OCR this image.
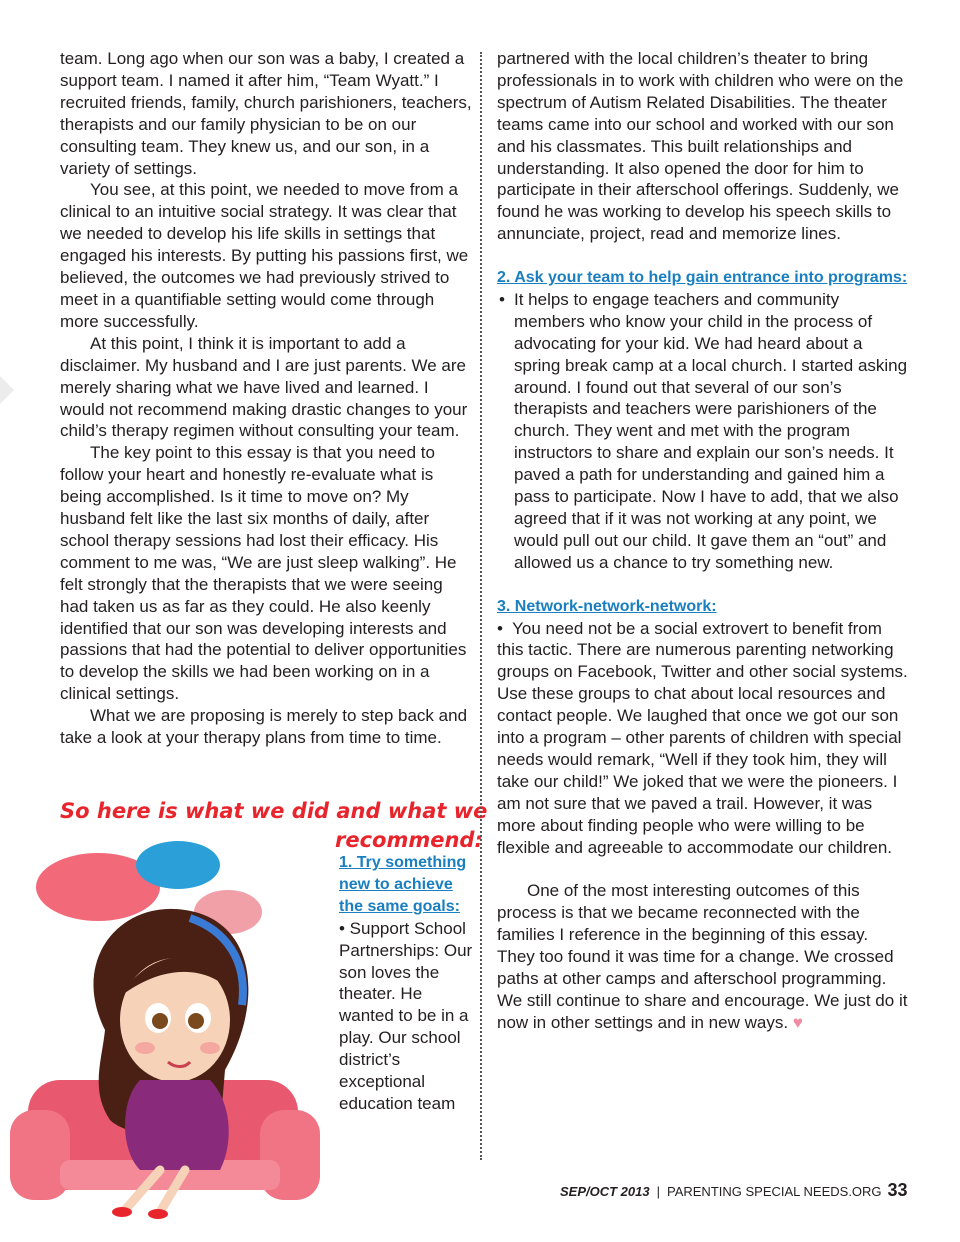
team. Long ago when our son was a baby, I created a support team. I named it after him, “Team Wyatt.” I recruited friends, family, church parishioners, teachers, therapists and our family physician to be on our consulting team. They knew us, and our son, in a variety of settings.

You see, at this point, we needed to move from a clinical to an intuitive social strategy. It was clear that we needed to develop his life skills in settings that engaged his interests. By putting his passions first, we believed, the outcomes we had previously strived to meet in a quantifiable setting would come through more successfully.

At this point, I think it is important to add a disclaimer. My husband and I are just parents. We are merely sharing what we have lived and learned. I would not recommend making drastic changes to your child’s therapy regimen without consulting your team.

The key point to this essay is that you need to follow your heart and honestly re-evaluate what is being accomplished. Is it time to move on? My husband felt like the last six months of daily, after school therapy sessions had lost their efficacy. His comment to me was, “We are just sleep walking”. He felt strongly that the therapists that we were seeing had taken us as far as they could. He also keenly identified that our son was developing interests and passions that had the potential to deliver opportunities to develop the skills we had been working on in a clinical settings.

What we are proposing is merely to step back and take a look at your therapy plans from time to time.

So here is what we did and what we
recommend:

1. Try something new to achieve the same goals:

• Support School Partnerships: Our son loves the theater. He wanted to be in a play. Our school district’s exceptional education team

partnered with the local children’s theater to bring professionals in to work with children who were on the spectrum of Autism Related Disabilities. The theater teams came into our school and worked with our son and his classmates. This built relationships and understanding. It also opened the door for him to participate in their afterschool offerings. Suddenly, we found he was working to develop his speech skills to annunciate, project, read and memorize lines.

2. Ask your team to help gain entrance into programs:

• It helps to engage teachers and community members who know your child in the process of advocating for your kid. We had heard about a spring break camp at a local church. I started asking around. I found out that several of our son’s therapists and teachers were parishioners of the church. They went and met with the program instructors to share and explain our son’s needs. It paved a path for understanding and gained him a pass to participate. Now I have to add, that we also agreed that if it was not working at any point, we would pull out our child. It gave them an “out” and allowed us a chance to try something new.

3. Network-network-network:

• You need not be a social extrovert to benefit from this tactic. There are numerous parenting networking groups on Facebook, Twitter and other social systems. Use these groups to chat about local resources and contact people. We laughed that once we got our son into a program – other parents of children with special needs would remark, “Well if they took him, they will take our child!” We joked that we were the pioneers. I am not sure that we paved a trail. However, it was more about finding people who were willing to be flexible and agreeable to accommodate our children.

One of the most interesting outcomes of this process is that we became reconnected with the families I reference in the beginning of this essay. They too found it was time for a change. We crossed paths at other camps and afterschool programming. We still continue to share and encourage. We just do it now in other settings and in new ways. ♥

SEP/OCT 2013 | PARENTING SPECIAL NEEDS.ORG 33
